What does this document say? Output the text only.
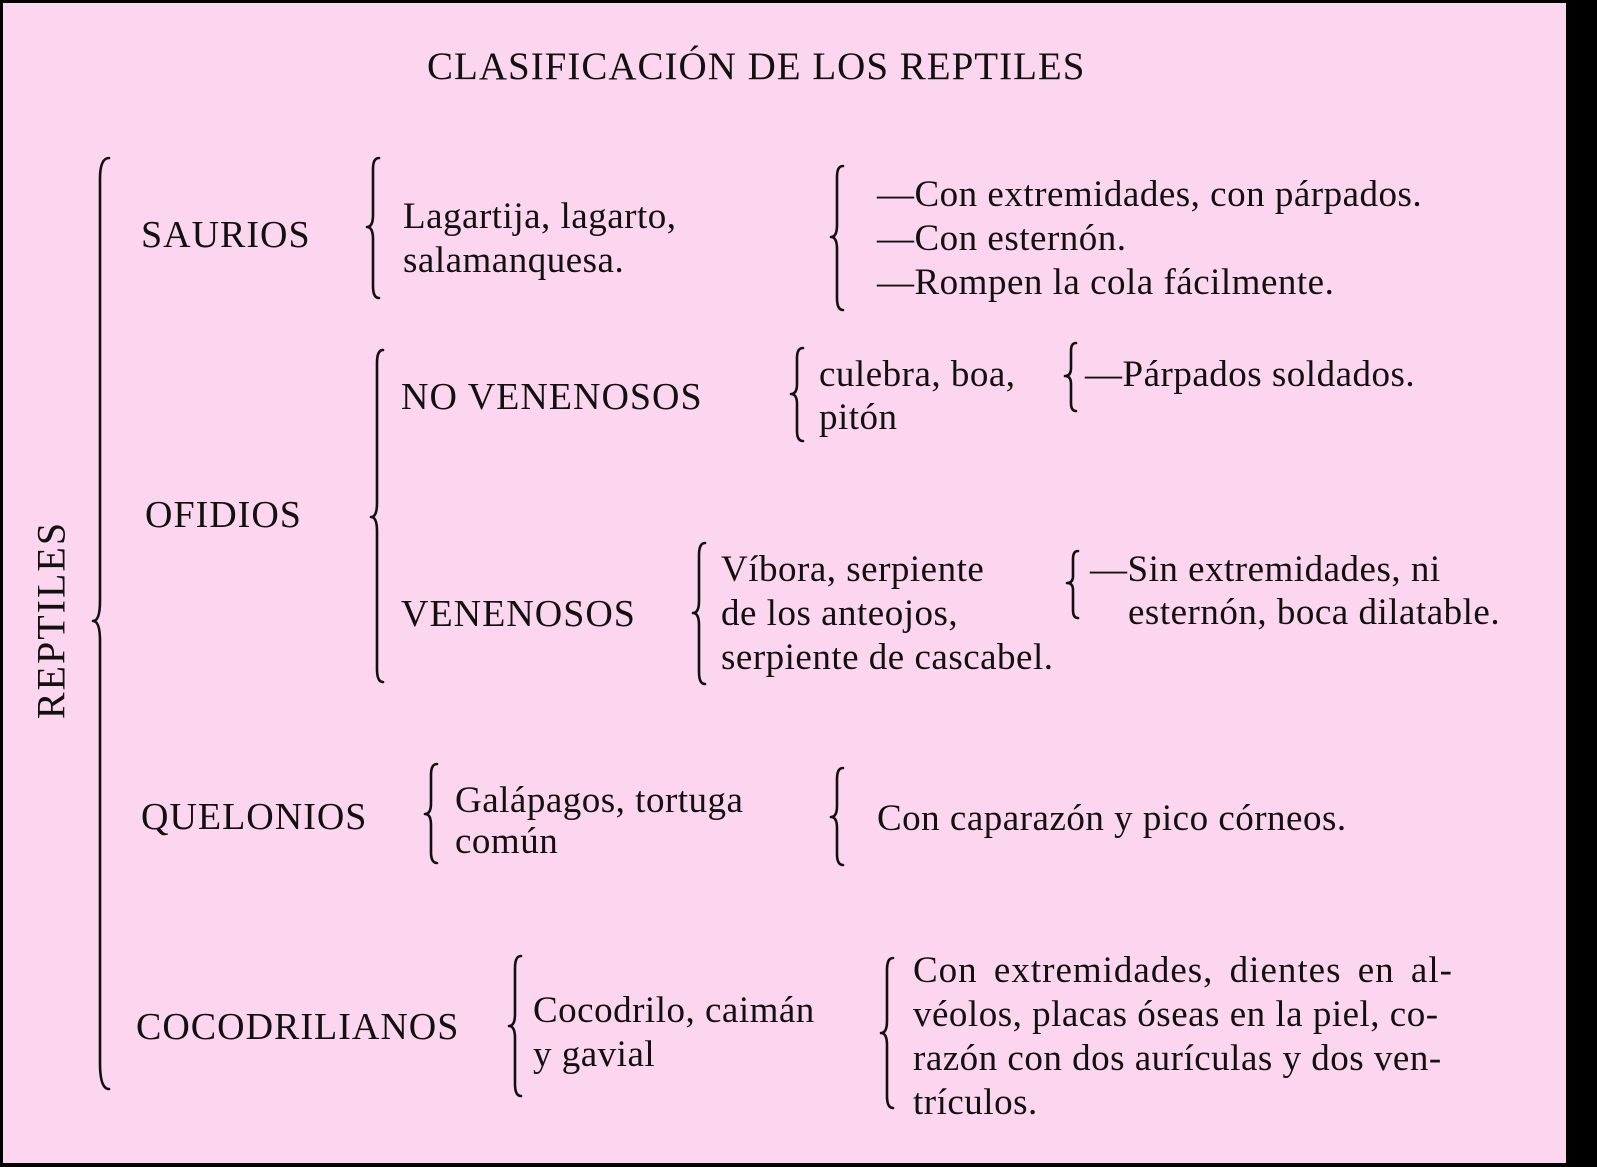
CLASIFICACIÓN DE LOS REPTILES
REPTILES
SAURIOS Lagartija, lagarto,
salamanquesa.
—Con extremidades, con párpados.
—Con esternón.
—Rompen la cola fácilmente.
OFIDIOS
NO VENENOSOS
culebra, boa,
pitón
—Párpados soldados.
VENENOSOS
Víbora, serpiente
de los anteojos,
serpiente de cascabel.
—Sin extremidades, ni
esternón, boca dilatable.
QUELONIOS Galápagos, tortuga
común
Con caparazón y pico córneos.
COCODRILIANOS Cocodrilo, caimán
y gavial
Con extremidades, dientes en al-
véolos, placas óseas en la piel, co-
razón con dos aurículas y dos ven-
trículos.
